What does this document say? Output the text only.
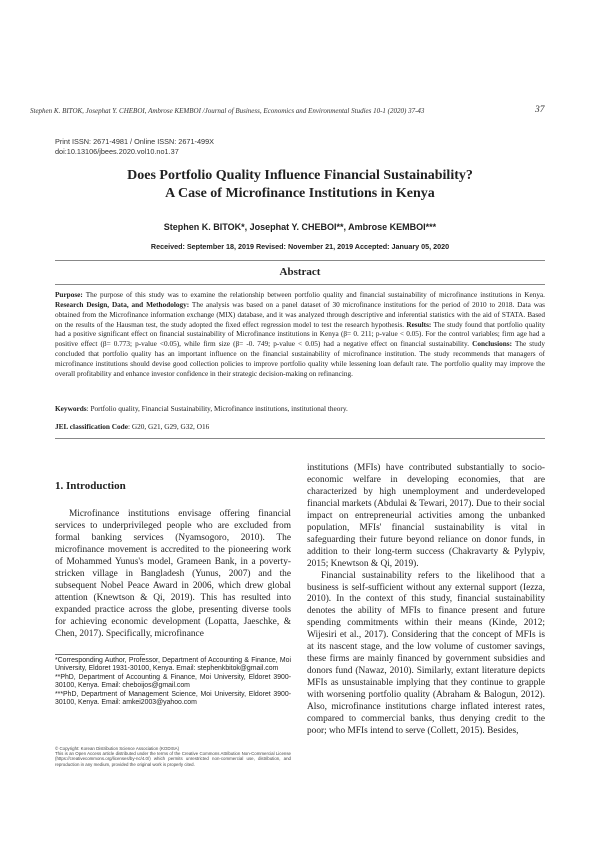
Stephen K. BITOK, Josephat Y. CHEBOI, Ambrose KEMBOI /Journal of Business, Economics and Environmental Studies 10-1 (2020) 37-43	37
Print ISSN: 2671-4981 / Online ISSN: 2671-499X
doi:10.13106/jbees.2020.vol10.no1.37
Does Portfolio Quality Influence Financial Sustainability?
A Case of Microfinance Institutions in Kenya
Stephen K. BITOK*, Josephat Y. CHEBOI**, Ambrose KEMBOI***
Received: September 18, 2019 Revised: November 21, 2019 Accepted: January 05, 2020
Abstract
Purpose: The purpose of this study was to examine the relationship between portfolio quality and financial sustainability of microfinance institutions in Kenya. Research Design, Data, and Methodology: The analysis was based on a panel dataset of 30 microfinance institutions for the period of 2010 to 2018. Data was obtained from the Microfinance information exchange (MIX) database, and it was analyzed through descriptive and inferential statistics with the aid of STATA. Based on the results of the Hausman test, the study adopted the fixed effect regression model to test the research hypothesis. Results: The study found that portfolio quality had a positive significant effect on financial sustainability of Microfinance institutions in Kenya (β= 0. 211; p-value < 0.05). For the control variables; firm age had a positive effect (β= 0.773; p-value <0.05), while firm size (β= -0. 749; p-value < 0.05) had a negative effect on financial sustainability. Conclusions: The study concluded that portfolio quality has an important influence on the financial sustainability of microfinance institution. The study recommends that managers of microfinance institutions should devise good collection policies to improve portfolio quality while lessening loan default rate. The portfolio quality may improve the overall profitability and enhance investor confidence in their strategic decision-making on refinancing.
Keywords: Portfolio quality, Financial Sustainability, Microfinance institutions, institutional theory.
JEL classification Code: G20, G21, G29, G32, O16
1. Introduction
Microfinance institutions envisage offering financial services to underprivileged people who are excluded from formal banking services (Nyamsogoro, 2010). The microfinance movement is accredited to the pioneering work of Mohammed Yunus's model, Grameen Bank, in a poverty-stricken village in Bangladesh (Yunus, 2007) and the subsequent Nobel Peace Award in 2006, which drew global attention (Knewtson & Qi, 2019). This has resulted into expanded practice across the globe, presenting diverse tools for achieving economic development (Lopatta, Jaeschke, & Chen, 2017). Specifically, microfinance

institutions (MFIs) have contributed substantially to socio-economic welfare in developing economies, that are characterized by high unemployment and underdeveloped financial markets (Abdulai & Tewari, 2017). Due to their social impact on entrepreneurial activities among the unbanked population, MFIs' financial sustainability is vital in safeguarding their future beyond reliance on donor funds, in addition to their long-term success (Chakravarty & Pylypiv, 2015; Knewtson & Qi, 2019).

Financial sustainability refers to the likelihood that a business is self-sufficient without any external support (Iezza, 2010). In the context of this study, financial sustainability denotes the ability of MFIs to finance present and future spending commitments within their means (Kinde, 2012; Wijesiri et al., 2017). Considering that the concept of MFIs is at its nascent stage, and the low volume of customer savings, these firms are mainly financed by government subsidies and donors fund (Nawaz, 2010). Similarly, extant literature depicts MFIs as unsustainable implying that they continue to grapple with worsening portfolio quality (Abraham & Balogun, 2012). Also, microfinance institutions charge inflated interest rates, compared to commercial banks, thus denying credit to the poor; who MFIs intend to serve (Collett, 2015). Besides,

*Corresponding Author, Professor, Department of Accounting & Finance, Moi University, Eldoret 1931-30100, Kenya. Email: stephenkbitok@gmail.com
**PhD, Department of Accounting & Finance, Moi University, Eldoret 3900-30100, Kenya. Email: cheboijos@gmail.com
***PhD, Department of Management Science, Moi University, Eldoret 3900-30100, Kenya. Email: amkei2003@yahoo.com
© Copyright: Korean Distribution Science Association (KODISA)
This is an Open Access article distributed under the terms of the Creative Commons Attribution Non-Commercial License (https://creativecommons.org/licenses/by-nc/4.0/) which permits unrestricted non-commercial use, distribution, and reproduction in any medium, provided the original work is properly cited.
